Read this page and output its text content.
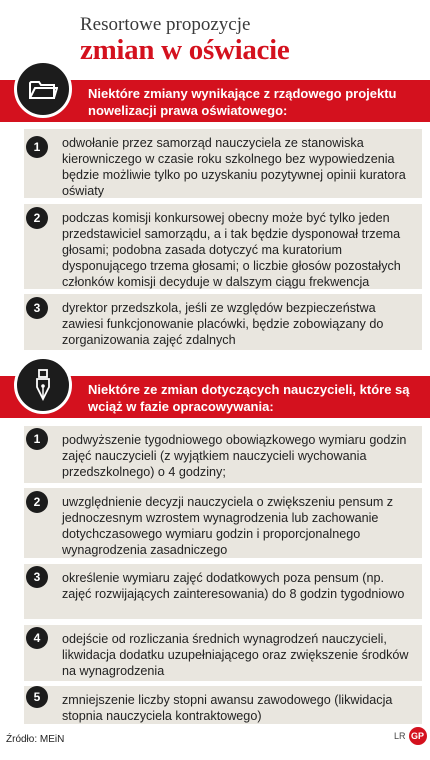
Resortowe propozycje
zmian w oświacie
Niektóre zmiany wynikające z rządowego projektu nowelizacji prawa oświatowego:
odwołanie przez samorząd nauczyciela ze stanowiska kierowniczego w czasie roku szkolnego bez wypowiedzenia będzie możliwie tylko po uzyskaniu pozytywnej opinii kuratora oświaty
1
podczas komisji konkursowej obecny może być tylko jeden przedstawiciel samorządu, a i tak będzie dysponował trzema głosami; podobna zasada dotyczyć ma kuratorium dysponującego trzema głosami; o liczbie głosów pozostałych członków komisji decyduje w dalszym ciągu frekwencja
2
dyrektor przedszkola, jeśli ze względów bezpieczeństwa zawiesi funkcjonowanie placówki, będzie zobowiązany do zorganizowania zajęć zdalnych
3
Niektóre ze zmian dotyczących nauczycieli, które są wciąż w fazie opracowywania:
podwyższenie tygodniowego obowiązkowego wymiaru godzin zajęć nauczycieli (z wyjątkiem nauczycieli wychowania przedszkolnego) o 4 godziny;
1
uwzględnienie decyzji nauczyciela o zwiększeniu pensum z jednoczesnym wzrostem wynagrodzenia lub zachowanie dotychczasowego wymiaru godzin i proporcjonalnego wynagrodzenia zasadniczego
2
określenie wymiaru zajęć dodatkowych poza pensum (np. zajęć rozwijających zainteresowania) do 8 godzin tygodniowo
3
odejście od rozliczania średnich wynagrodzeń nauczycieli, likwidacja dodatku uzupełniającego oraz zwiększenie środków na wynagrodzenia
4
zmniejszenie liczby stopni awansu zawodowego (likwidacja stopnia nauczyciela kontraktowego)
5
Źródło: MEiN	LR GP
